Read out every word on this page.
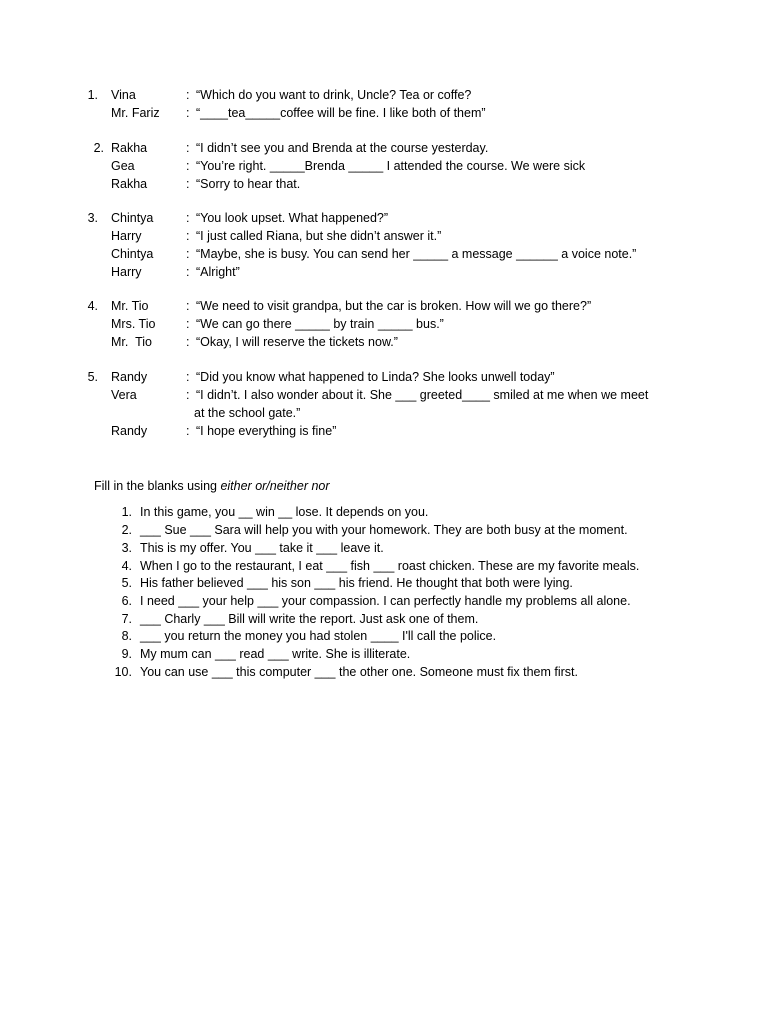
1. Vina	: “Which do you want to drink, Uncle? Tea or coffe?
Mr. Fariz : “____tea_____coffee will be fine. I like both of them”
2. Rakha	: “I didn’t see you and Brenda at the course yesterday.
Gea	: “You’re right. _____Brenda _____ I attended the course. We were sick
Rakha	: “Sorry to hear that.
3. Chintya	: “You look upset. What happened?”
Harry	: “I just called Riana, but she didn’t answer it.”
Chintya	: “Maybe, she is busy. You can send her _____ a message ______ a voice note.”
Harry	: “Alright”
4. Mr. Tio	: “We need to visit grandpa, but the car is broken. How will we go there?”
Mrs. Tio : “We can go there _____ by train _____ bus.”
Mr.  Tio	: “Okay, I will reserve the tickets now.”
5. Randy	: “Did you know what happened to Linda? She looks unwell today”
Vera	: “I didn’t. I also wonder about it. She ___ greeted____ smiled at me when we meet
at the school gate.”
Randy	: “I hope everything is fine”
Fill in the blanks using either or/neither nor
1. In this game, you __ win __ lose. It depends on you.
2. ___ Sue ___ Sara will help you with your homework. They are both busy at the moment.
3. This is my offer. You ___ take it ___ leave it.
4. When I go to the restaurant, I eat ___ fish ___ roast chicken. These are my favorite meals.
5. His father believed ___ his son ___ his friend. He thought that both were lying.
6. I need ___ your help ___ your compassion. I can perfectly handle my problems all alone.
7. ___ Charly ___ Bill will write the report. Just ask one of them.
8. ___ you return the money you had stolen ____ I'll call the police.
9. My mum can ___ read ___ write. She is illiterate.
10. You can use ___ this computer ___ the other one. Someone must fix them first.
